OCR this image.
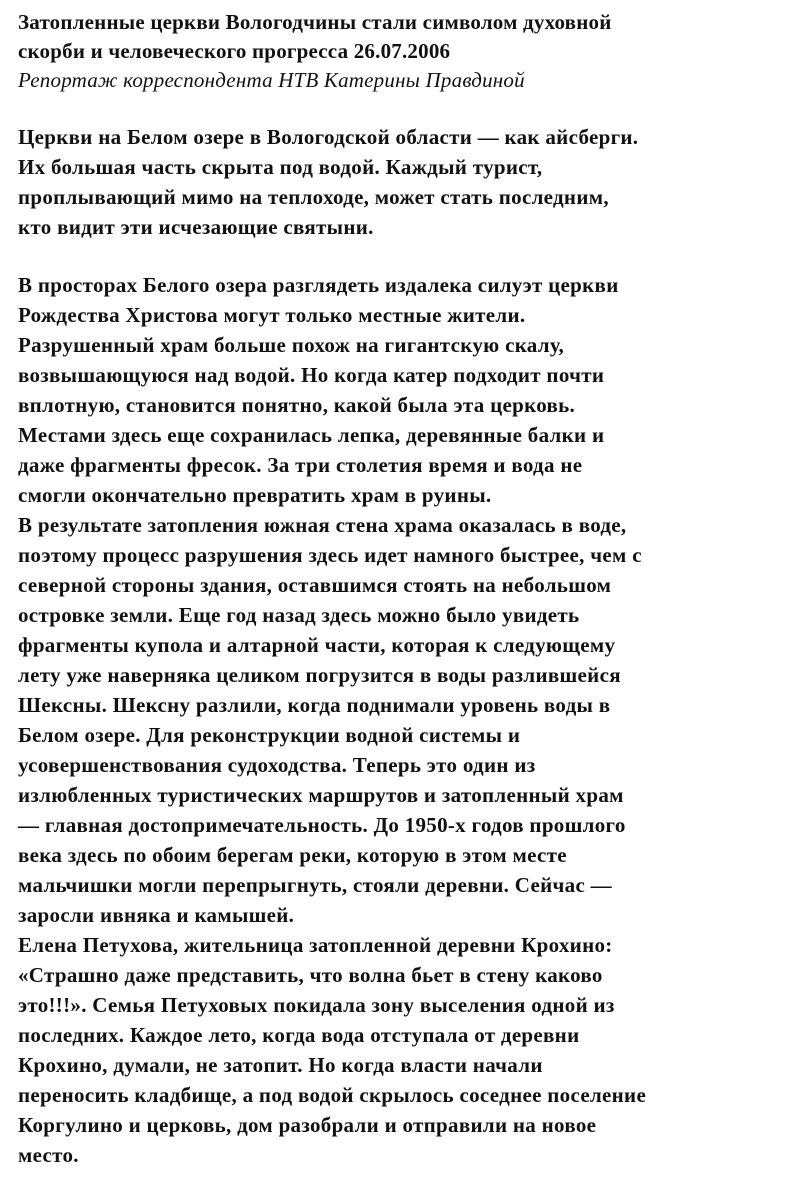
Затопленные церкви Вологодчины стали символом духовной
скорби и человеческого прогресса 26.07.2006

Репортаж корреспондента НТВ Катерины Правдиной

Церкви на Белом озере в Вологодской области — как айсберги.
Их большая часть скрыта под водой. Каждый турист,
проплывающий мимо на теплоходе, может стать последним,
кто видит эти исчезающие святыни.

В просторах Белого озера разглядеть издалека силуэт церкви
Рождества Христова могут только местные жители.
Разрушенный храм больше похож на гигантскую скалу,
возвышающуюся над водой. Но когда катер подходит почти
вплотную, становится понятно, какой была эта церковь.
Местами здесь еще сохранилась лепка, деревянные балки и
даже фрагменты фресок. За три столетия время и вода не
смогли окончательно превратить храм в руины.
В результате затопления южная стена храма оказалась в воде,
поэтому процесс разрушения здесь идет намного быстрее, чем с
северной стороны здания, оставшимся стоять на небольшом
островке земли. Еще год назад здесь можно было увидеть
фрагменты купола и алтарной части, которая к следующему
лету уже наверняка целиком погрузится в воды разлившейся
Шексны. Шексну разлили, когда поднимали уровень воды в
Белом озере. Для реконструкции водной системы и
усовершенствования судоходства. Теперь это один из
излюбленных туристических маршрутов и затопленный храм
— главная достопримечательность. До 1950-х годов прошлого
века здесь по обоим берегам реки, которую в этом месте
мальчишки могли перепрыгнуть, стояли деревни. Сейчас —
заросли ивняка и камышей.
Елена Петухова, жительница затопленной деревни Крохино:
«Страшно даже представить, что волна бьет в стену каково
это!!!». Семья Петуховых покидала зону выселения одной из
последних. Каждое лето, когда вода отступала от деревни
Крохино, думали, не затопит. Но когда власти начали
переносить кладбище, а под водой скрылось соседнее поселение
Коргулино и церковь, дом разобрали и отправили на новое
место.
